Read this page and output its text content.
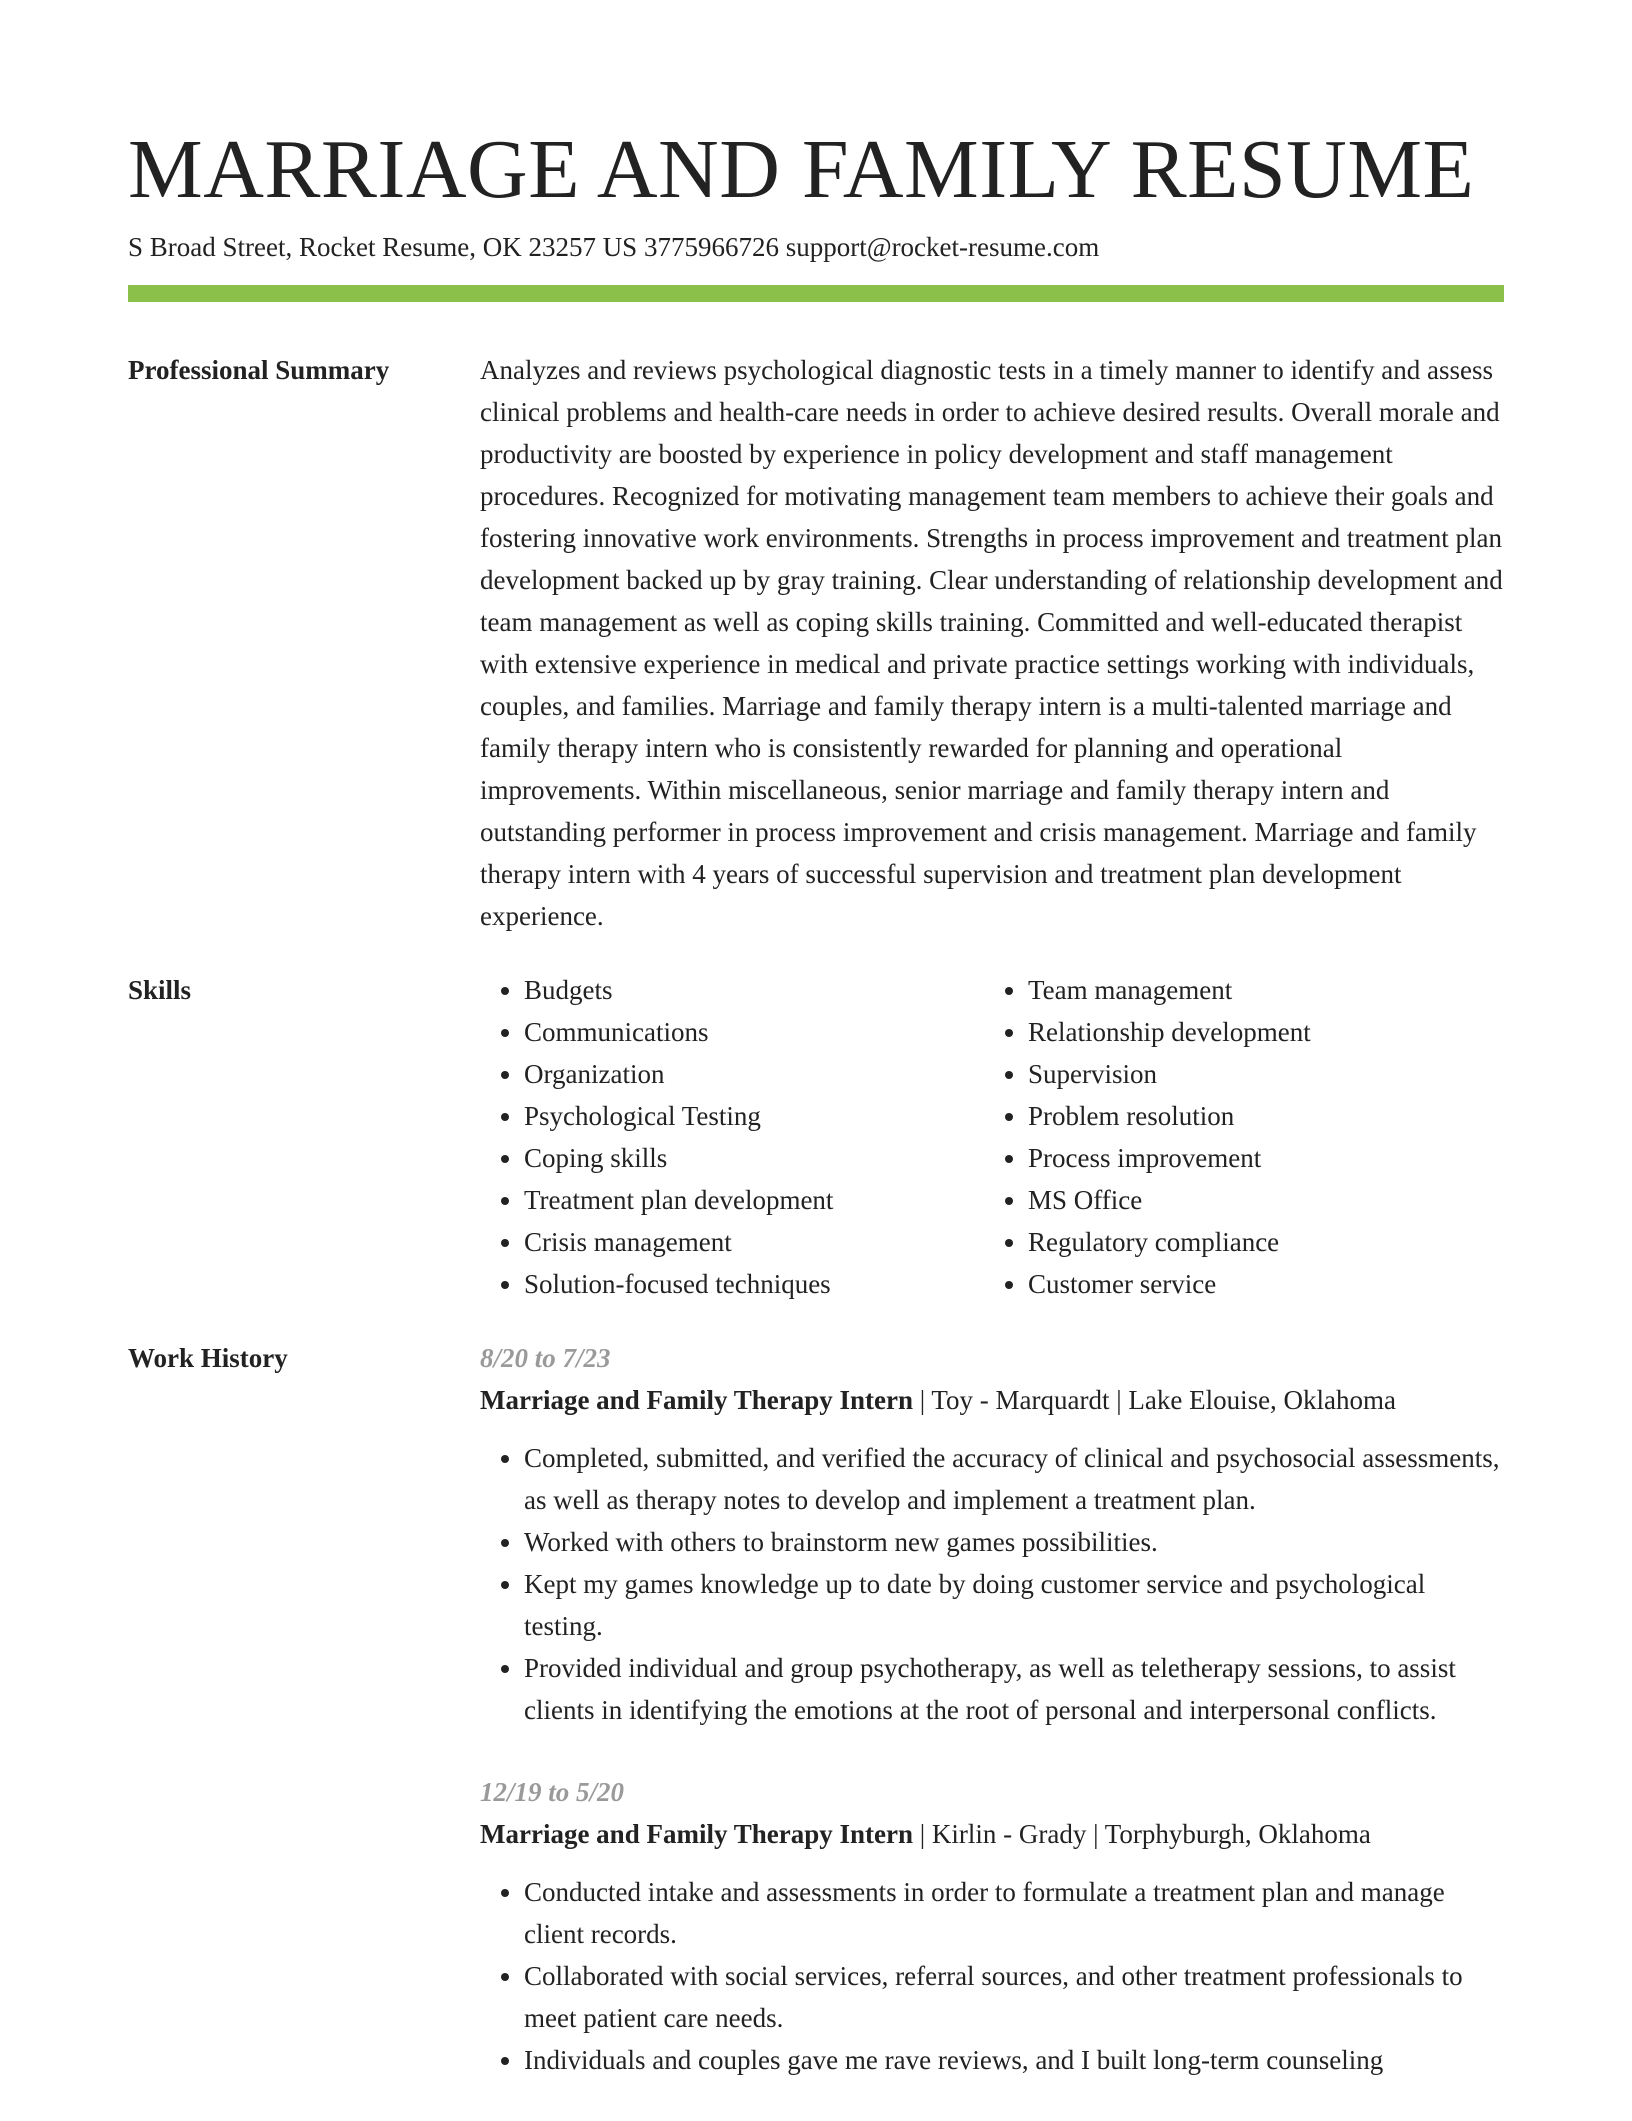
MARRIAGE AND FAMILY RESUME
S Broad Street, Rocket Resume, OK 23257 US 3775966726 support@rocket-resume.com
Professional Summary	Analyzes and reviews psychological diagnostic tests in a timely manner to identify and assess clinical problems and health-care needs in order to achieve desired results. Overall morale and productivity are boosted by experience in policy development and staff management procedures. Recognized for motivating management team members to achieve their goals and fostering innovative work environments. Strengths in process improvement and treatment plan development backed up by gray training. Clear understanding of relationship development and team management as well as coping skills training. Committed and well-educated therapist with extensive experience in medical and private practice settings working with individuals, couples, and families. Marriage and family therapy intern is a multi-talented marriage and family therapy intern who is consistently rewarded for planning and operational improvements. Within miscellaneous, senior marriage and family therapy intern and outstanding performer in process improvement and crisis management. Marriage and family therapy intern with 4 years of successful supervision and treatment plan development experience.

Skills
•	Budgets
• Communications
• Organization
• Psychological Testing
• Coping skills
• Treatment plan development
• Crisis management
• Solution-focused techniques
• Team management
• Relationship development
• Supervision
• Problem resolution
• Process improvement
• MS Office
• Regulatory compliance
• Customer service
Work History	8/20 to 7/23
Marriage and Family Therapy Intern | Toy - Marquardt | Lake Elouise, Oklahoma
• Completed, submitted, and verified the accuracy of clinical and psychosocial assessments, as well as therapy notes to develop and implement a treatment plan.
• Worked with others to brainstorm new games possibilities.
• Kept my games knowledge up to date by doing customer service and psychological testing.
• Provided individual and group psychotherapy, as well as teletherapy sessions, to assist clients in identifying the emotions at the root of personal and interpersonal conflicts.
12/19 to 5/20
Marriage and Family Therapy Intern | Kirlin - Grady | Torphyburgh, Oklahoma
• Conducted intake and assessments in order to formulate a treatment plan and manage client records.
• Collaborated with social services, referral sources, and other treatment professionals to meet patient care needs.
• Individuals and couples gave me rave reviews, and I built long-term counseling
